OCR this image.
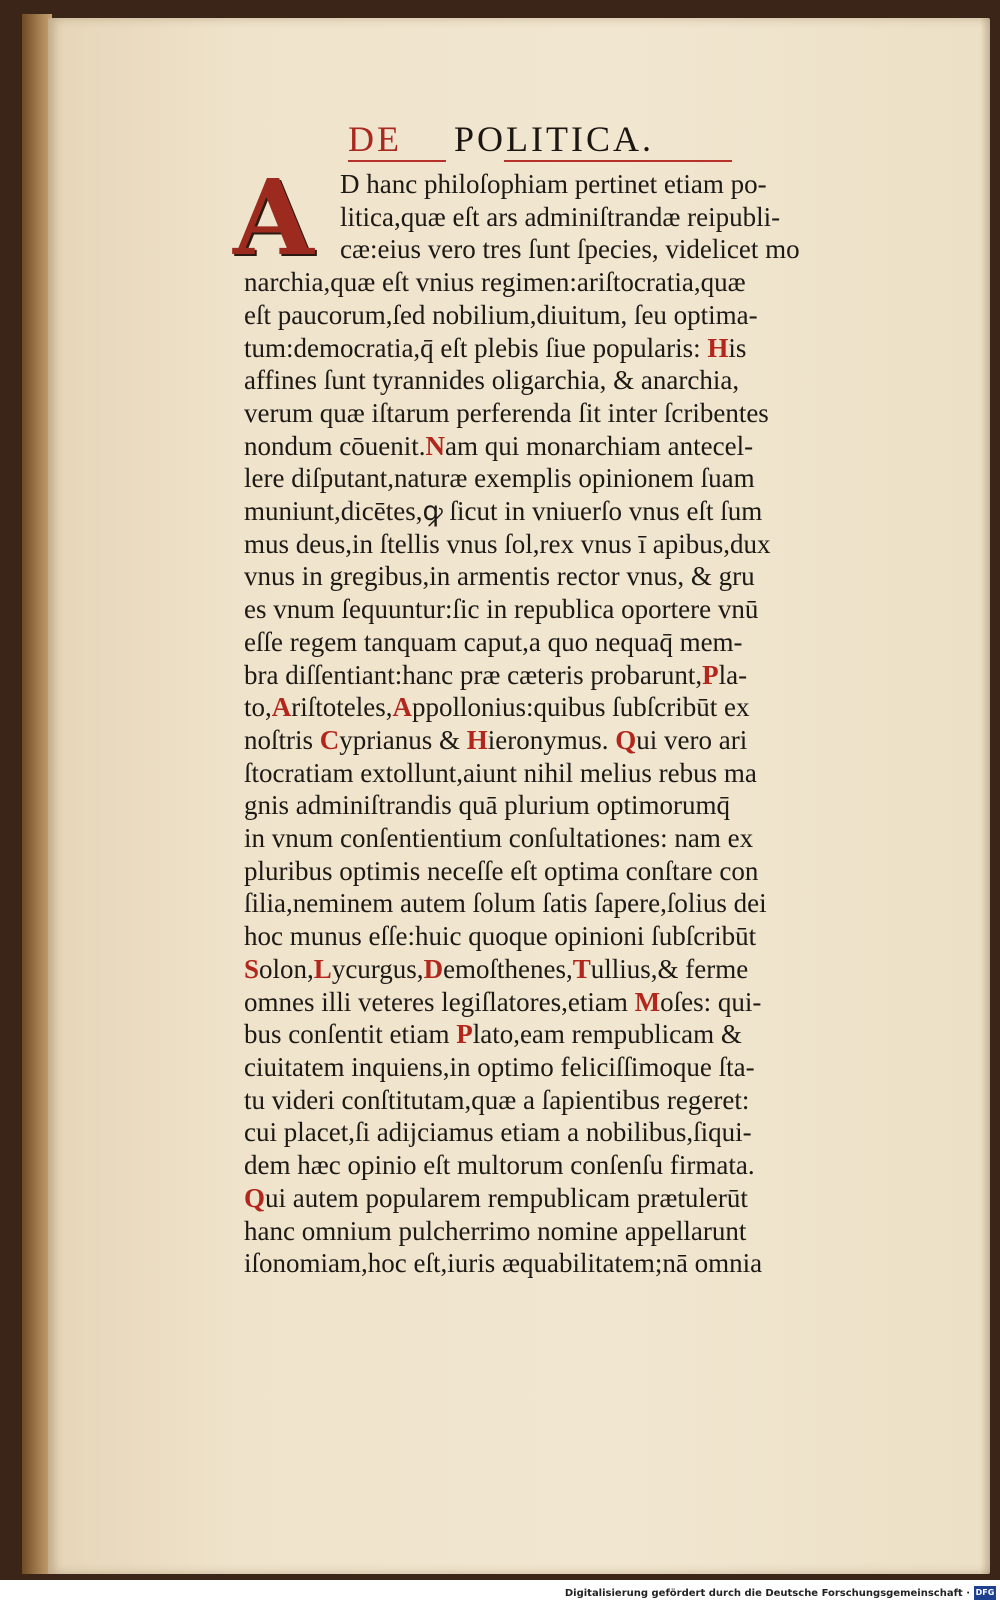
DE POLITICA.
A D hanc philoſophiam pertinet etiam po-
litica,quæ eſt ars adminiſtrandæ reipubli-
cæ:eius vero tres ſunt ſpecies, videlicet mo
narchia,quæ eſt vnius regimen:ariſtocratia,quæ
eſt paucorum,ſed nobilium,diuitum, ſeu optima-
tum:democratia,q̄ eſt plebis ſiue popularis: His
affines ſunt tyrannides oligarchia, & anarchia,
verum quæ iſtarum perferenda ſit inter ſcribentes
nondum cōuenit.Nam qui monarchiam antecel-
lere diſputant,naturæ exemplis opinionem ſuam
muniunt,dicētes,ꝙ ſicut in vniuerſo vnus eſt ſum
mus deus,in ſtellis vnus ſol,rex vnus ī apibus,dux
vnus in gregibus,in armentis rector vnus, & gru
es vnum ſequuntur:ſic in republica oportere vnū
eſſe regem tanquam caput,a quo nequaq̄ mem-
bra diſſentiant:hanc præ cæteris probarunt,Pla-
to,Ariſtoteles,Appollonius:quibus ſubſcribūt ex
noſtris Cyprianus & Hieronymus. Qui vero ari
ſtocratiam extollunt,aiunt nihil melius rebus ma
gnis adminiſtrandis quā plurium optimorumq̄
in vnum conſentientium conſultationes: nam ex
pluribus optimis neceſſe eſt optima conſtare con
ſilia,neminem autem ſolum ſatis ſapere,ſolius dei
hoc munus eſſe:huic quoque opinioni ſubſcribūt
Solon,Lycurgus,Demoſthenes,Tullius,& ferme
omnes illi veteres legiſlatores,etiam Moſes: qui-
bus conſentit etiam Plato,eam rempublicam &
ciuitatem inquiens,in optimo feliciſſimoque ſta-
tu videri conſtitutam,quæ a ſapientibus regeret:
cui placet,ſi adijciamus etiam a nobilibus,ſiqui-
dem hæc opinio eſt multorum conſenſu firmata.
Qui autem popularem rempublicam prætulerūt
hanc omnium pulcherrimo nomine appellarunt
iſonomiam,hoc eſt,iuris æquabilitatem;nā omnia
Digitalisierung gefördert durch die Deutsche Forschungsgemeinschaft · DFG
